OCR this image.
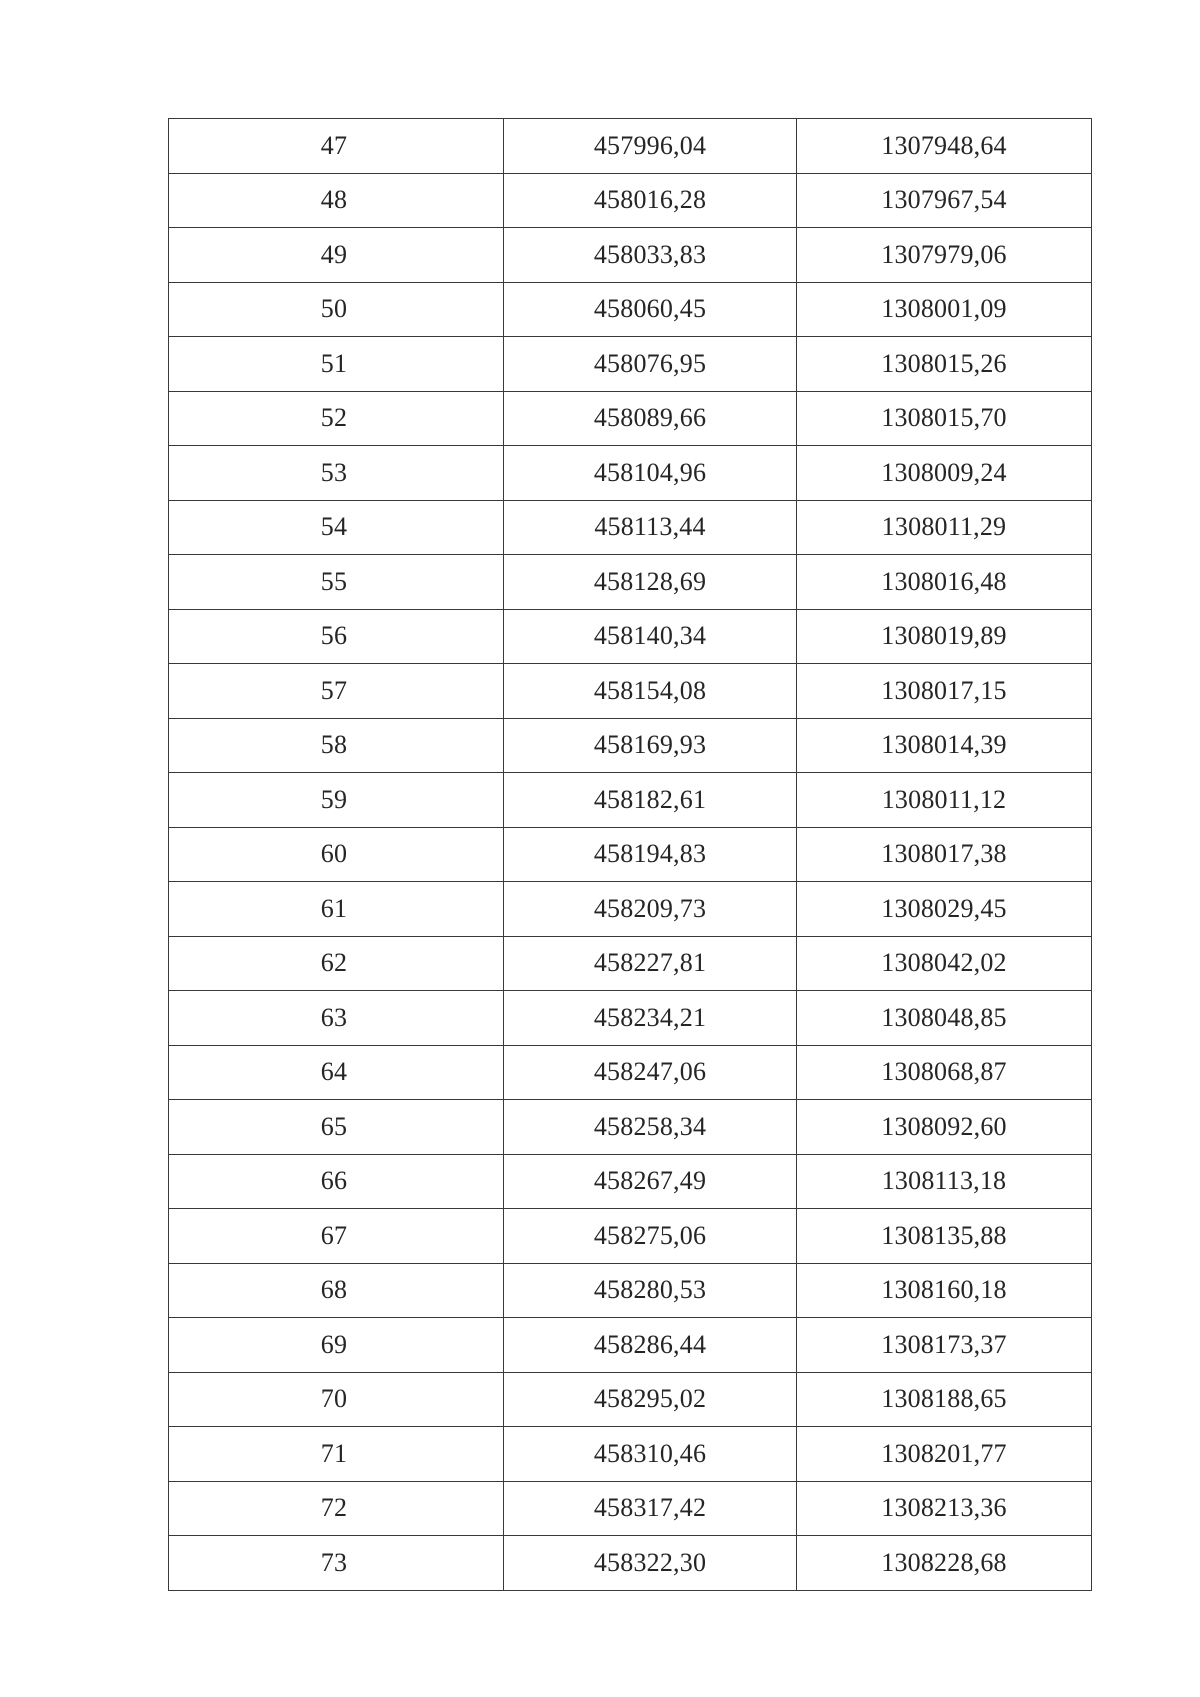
47	457996,04	1307948,64
48	458016,28	1307967,54
49	458033,83	1307979,06
50	458060,45	1308001,09
51	458076,95	1308015,26
52	458089,66	1308015,70
53	458104,96	1308009,24
54	458113,44	1308011,29
55	458128,69	1308016,48
56	458140,34	1308019,89
57	458154,08	1308017,15
58	458169,93	1308014,39
59	458182,61	1308011,12
60	458194,83	1308017,38
61	458209,73	1308029,45
62	458227,81	1308042,02
63	458234,21	1308048,85
64	458247,06	1308068,87
65	458258,34	1308092,60
66	458267,49	1308113,18
67	458275,06	1308135,88
68	458280,53	1308160,18
69	458286,44	1308173,37
70	458295,02	1308188,65
71	458310,46	1308201,77
72	458317,42	1308213,36
73	458322,30	1308228,68
